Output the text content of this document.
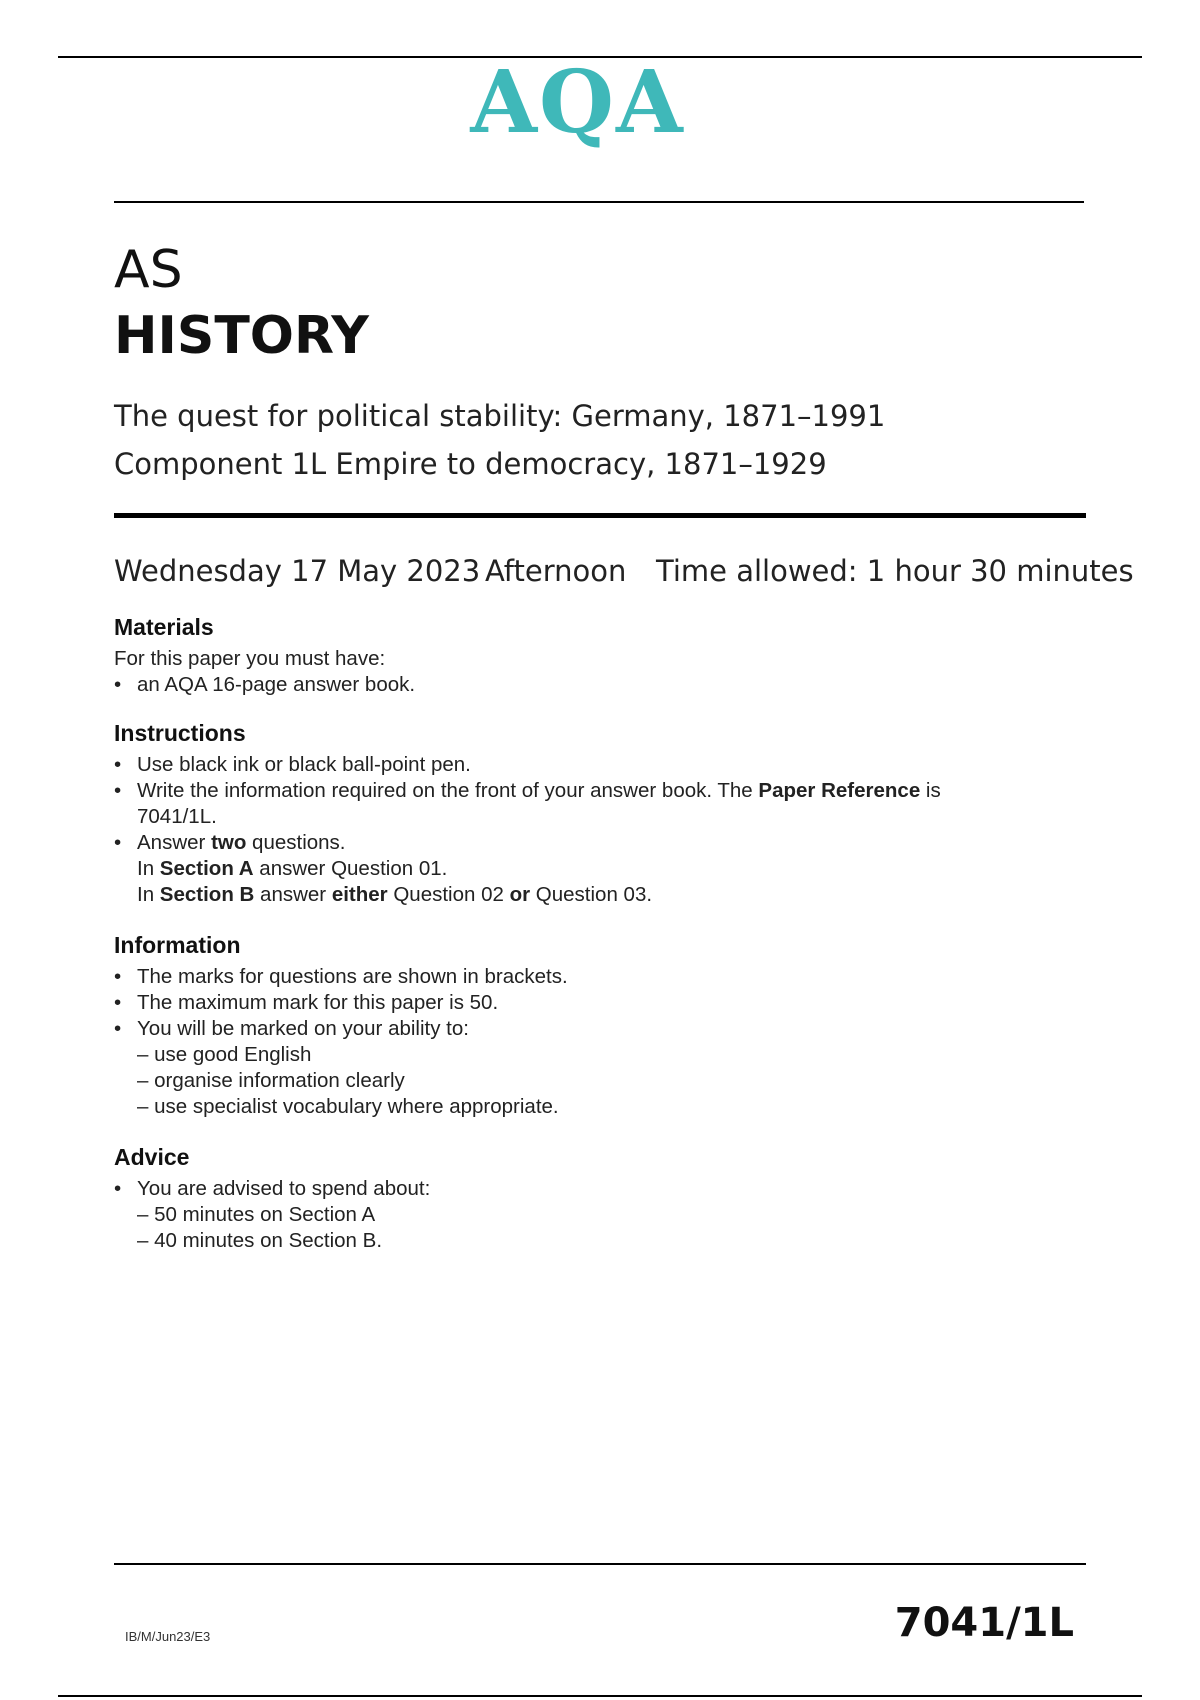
AQA
AS
HISTORY
The quest for political stability: Germany, 1871–1991
Component 1L Empire to democracy, 1871–1929
Wednesday 17 May 2023 Afternoon Time allowed: 1 hour 30 minutes
Materials
For this paper you must have:
• an AQA 16-page answer book.
Instructions
• Use black ink or black ball-point pen.
• Write the information required on the front of your answer book. The Paper Reference is
7041/1L.
• Answer two questions.
In Section A answer Question 01.
In Section B answer either Question 02 or Question 03.
Information
• The marks for questions are shown in brackets.
• The maximum mark for this paper is 50.
• You will be marked on your ability to:
– use good English
– organise information clearly
– use specialist vocabulary where appropriate.
Advice
• You are advised to spend about:
– 50 minutes on Section A
– 40 minutes on Section B.
IB/M/Jun23/E3	7041/1L
